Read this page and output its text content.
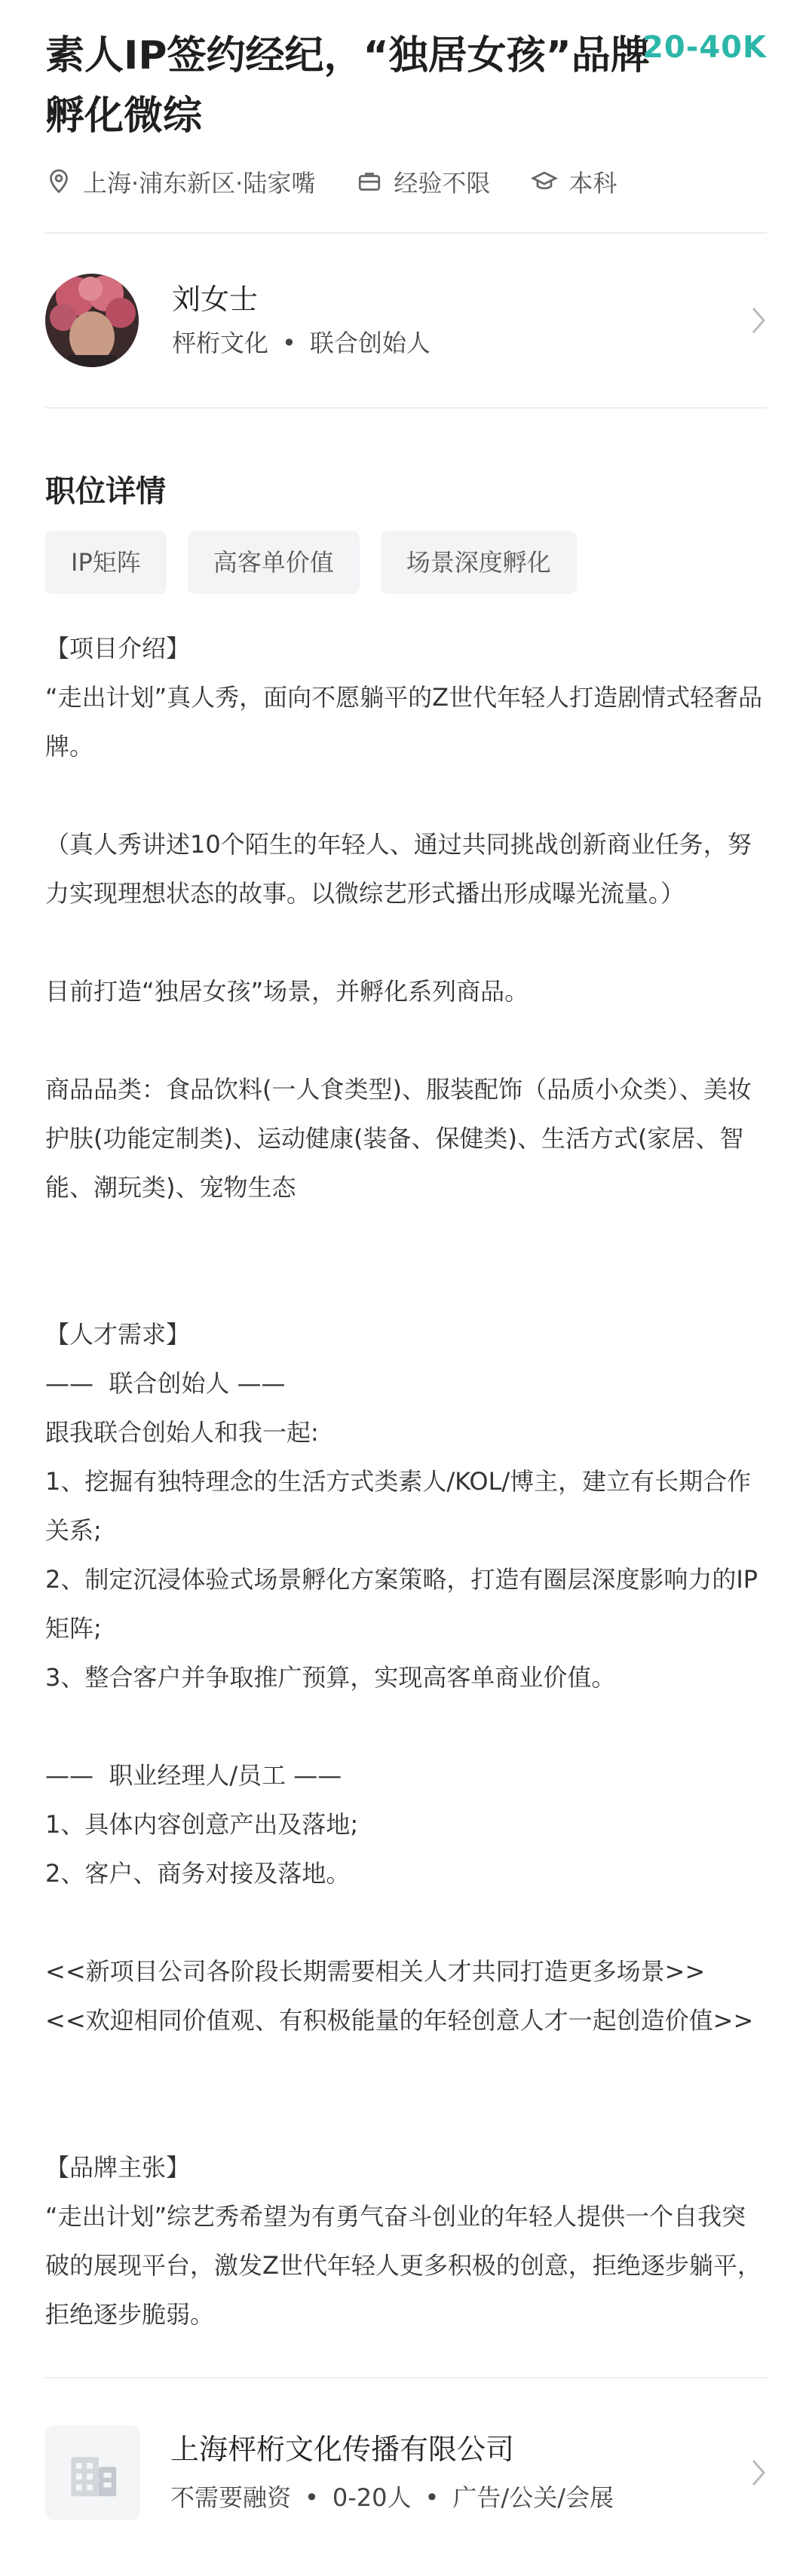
素人IP签约经纪，“独居女孩”品牌孵化微综
20-40K
上海·浦东新区·陆家嘴	经验不限	本科
刘女士
枰桁文化 • 联合创始人
职位详情
IP矩阵	高客单价值	场景深度孵化
【项目介绍】
“走出计划”真人秀，面向不愿躺平的Z世代年轻人打造剧情式轻奢品牌。

（真人秀讲述10个陌生的年轻人、通过共同挑战创新商业任务，努力实现理想状态的故事。以微综艺形式播出形成曝光流量。）

目前打造“独居女孩”场景，并孵化系列商品。

商品品类：食品饮料(一人食类型)、服装配饰（品质小众类）、美妆护肤(功能定制类)、运动健康(装备、保健类)、生活方式(家居、智能、潮玩类)、宠物生态

【人才需求】
——  联合创始人 ——
跟我联合创始人和我一起:
1、挖掘有独特理念的生活方式类素人/KOL/博主，建立有长期合作关系;
2、制定沉浸体验式场景孵化方案策略，打造有圈层深度影响力的IP矩阵;
3、整合客户并争取推广预算，实现高客单商业价值。

——  职业经理人/员工 ——
1、具体内容创意产出及落地;
2、客户、商务对接及落地。

<<新项目公司各阶段长期需要相关人才共同打造更多场景>>
<<欢迎相同价值观、有积极能量的年轻创意人才一起创造价值>>

【品牌主张】
“走出计划”综艺秀希望为有勇气奋斗创业的年轻人提供一个自我突破的展现平台，激发Z世代年轻人更多积极的创意，拒绝逐步躺平，拒绝逐步脆弱。
上海枰桁文化传播有限公司
不需要融资 • 0-20人 • 广告/公关/会展
